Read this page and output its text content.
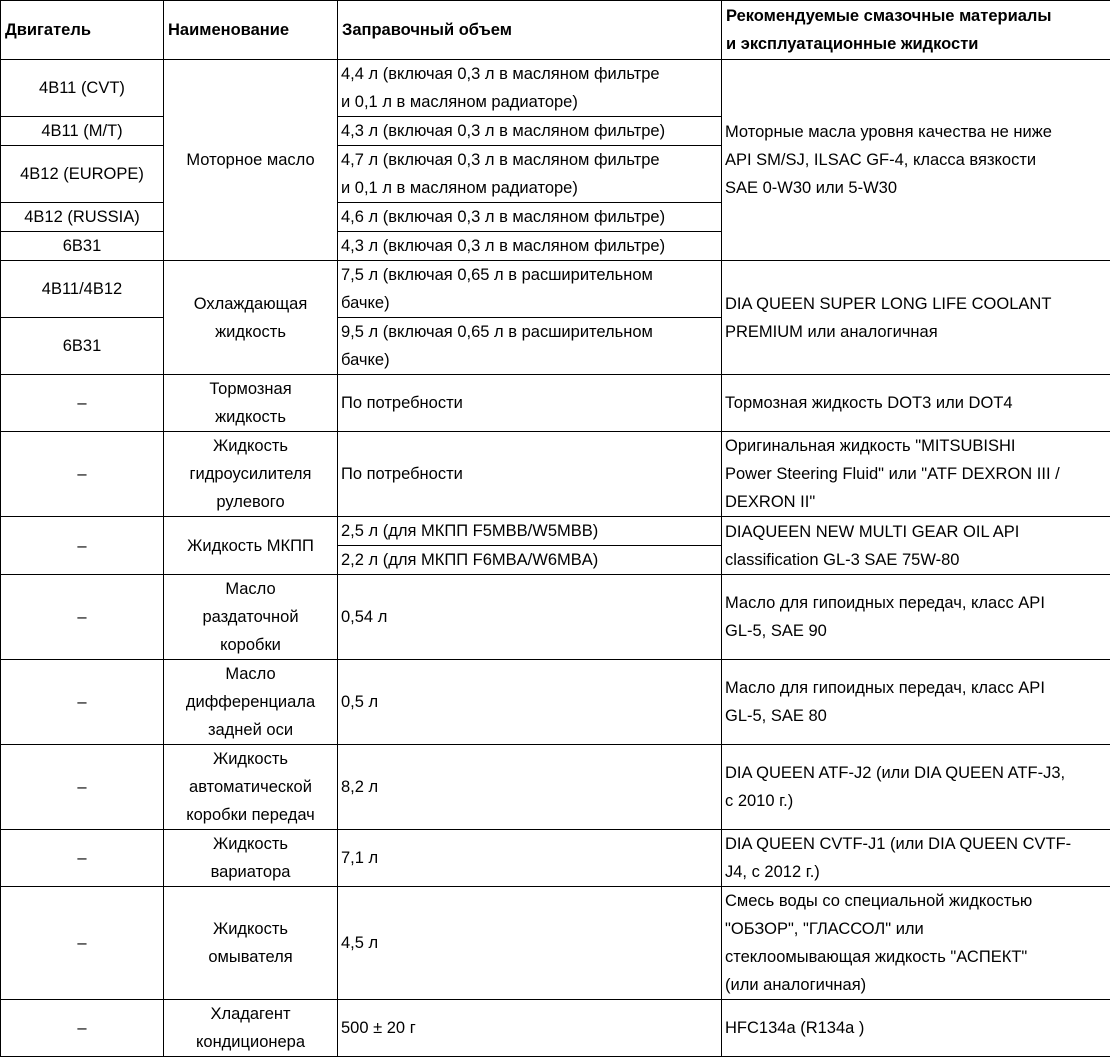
Двигатель	Наименование	Заправочный объем	Рекомендуемые смазочные материалы
и эксплуатационные жидкости

4B11 (CVT)	Моторное масло	4,4 л (включая 0,3 л в масляном фильтре
и 0,1 л в масляном радиаторе)	Моторные масла уровня качества не ниже
API SM/SJ, ILSAC GF-4, класса вязкости
SAE 0-W30 или 5-W30

4B11 (M/T)		4,3 л (включая 0,3 л в масляном фильтре)	
4B12 (EUROPE)		4,7 л (включая 0,3 л в масляном фильтре
и 0,1 л в масляном радиаторе)	

4B12 (RUSSIA)		4,6 л (включая 0,3 л в масляном фильтре)	
6B31		4,3 л (включая 0,3 л в масляном фильтре)	
4B11/4B12	Охлаждающая
жидкость	7,5 л (включая 0,65 л в расширительном
бачке)	DIA QUEEN SUPER LONG LIFE COOLANT
PREMIUM или аналогичная

6B31		9,5 л (включая 0,65 л в расширительном
бачке)	

–	Тормозная
жидкость	По потребности	Тормозная жидкость DOT3 или DOT4
–	Жидкость
гидроусилителя
рулевого	По потребности	Оригинальная жидкость "MITSUBISHI
Power Steering Fluid" или "ATF DEXRON III /
DEXRON II"

–	Жидкость МКПП	2,5 л (для МКПП F5MBB/W5MBB)	DIAQUEEN NEW MULTI GEAR OIL API
classification GL-3 SAE 75W-80

		2,2 л (для МКПП F6MBA/W6MBA)	
–	Масло
раздаточной
коробки	0,54 л	Масло для гипоидных передач, класс API
GL-5, SAE 90

–	Масло
дифференциала
задней оси	0,5 л	Масло для гипоидных передач, класс API
GL-5, SAE 80

–	Жидкость
автоматической
коробки передач	8,2 л	DIA QUEEN ATF-J2 (или DIA QUEEN ATF-J3,
с 2010 г.)

–	Жидкость
вариатора	7,1 л	DIA QUEEN CVTF-J1 (или DIA QUEEN CVTF-
J4, с 2012 г.)

–	Жидкость
омывателя	4,5 л	Смесь воды со специальной жидкостью
"ОБЗОР", "ГЛАССОЛ" или
стеклоомывающая жидкость "АСПЕКТ"
(или аналогичная)

–	Хладагент
кондиционера	500 ± 20 г	HFC134a (R134a )
